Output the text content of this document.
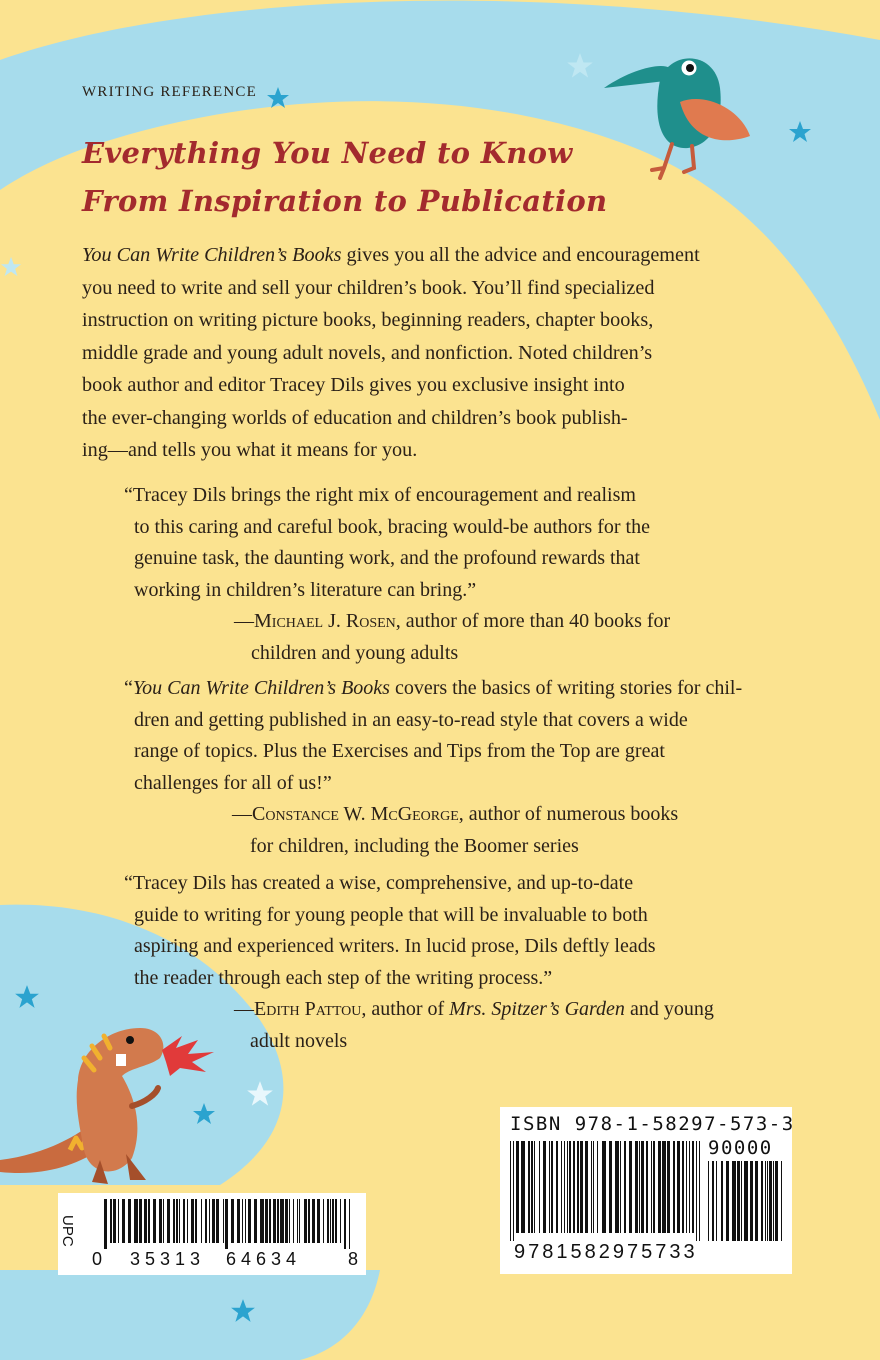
WRITING REFERENCE
Everything You Need to Know
From Inspiration to Publication
You Can Write Children’s Books gives you all the advice and encouragement
you need to write and sell your children’s book. You’ll find specialized
instruction on writing picture books, beginning readers, chapter books,
middle grade and young adult novels, and nonfiction. Noted children’s
book author and editor Tracey Dils gives you exclusive insight into
the ever-changing worlds of education and children’s book publish-
ing—and tells you what it means for you.
“Tracey Dils brings the right mix of encouragement and realism
to this caring and careful book, bracing would-be authors for the
genuine task, the daunting work, and the profound rewards that
working in children’s literature can bring.”
—Michael J. Rosen, author of more than 40 books for
children and young adults
“You Can Write Children’s Books covers the basics of writing stories for chil-
dren and getting published in an easy-to-read style that covers a wide
range of topics. Plus the Exercises and Tips from the Top are great
challenges for all of us!”
—Constance W. McGeorge, author of numerous books
for children, including the Boomer series
“Tracey Dils has created a wise, comprehensive, and up-to-date
guide to writing for young people that will be invaluable to both
aspiring and experienced writers. In lucid prose, Dils deftly leads
the reader through each step of the writing process.”
—Edith Pattou, author of Mrs. Spitzer’s Garden and young
adult novels
UPC
0 35313 64634	8
ISBN 978-1-58297-573-3
90000
9781582975733
